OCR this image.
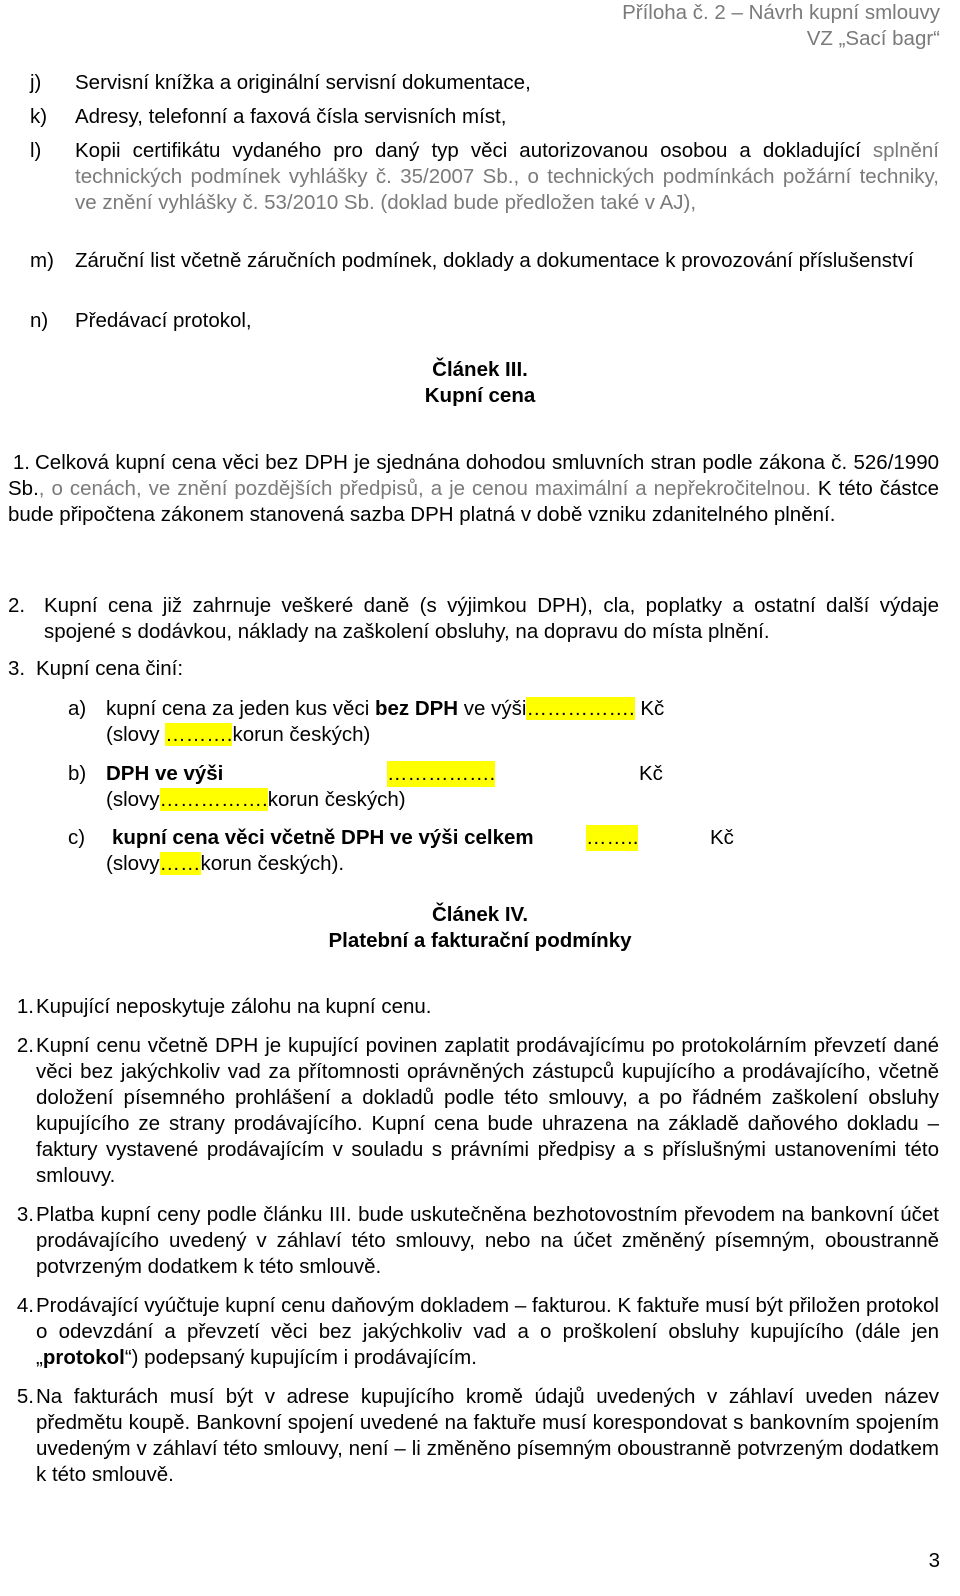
Příloha č. 2 – Návrh kupní smlouvy
VZ „Sací bagr“
j)	Servisní knížka a originální servisní dokumentace,
k)	Adresy, telefonní a faxová čísla servisních míst,
l)	Kopii certifikátu vydaného pro daný typ věci autorizovanou osobou a dokladující splnění technických podmínek vyhlášky č. 35/2007 Sb., o technických podmínkách požární techniky, ve znění vyhlášky č. 53/2010 Sb. (doklad bude předložen také v AJ),
m)	Záruční list včetně záručních podmínek, doklady a dokumentace k provozování příslušenství
n)	Předávací protokol,
Článek III.
Kupní cena
1. Celková kupní cena věci bez DPH je sjednána dohodou smluvních stran podle zákona č. 526/1990 Sb., o cenách, ve znění pozdějších předpisů, a je cenou maximální a nepřekročitelnou. K této částce bude připočtena zákonem stanovená sazba DPH platná v době vzniku zdanitelného plnění.
2. Kupní cena již zahrnuje veškeré daně (s výjimkou DPH), cla, poplatky a ostatní další výdaje spojené s dodávkou, náklady na zaškolení obsluhy, na dopravu do místa plnění.
3. Kupní cena činí:
a) kupní cena za jeden kus věci bez DPH ve výši……………. Kč
(slovy ……….korun českých)
b) DPH ve výši	…………….	Kč
(slovy…………….korun českých)
c) kupní cena věci včetně DPH ve výši celkem	……..	Kč
(slovy……korun českých).
Článek IV.
Platební a fakturační podmínky
1. Kupující neposkytuje zálohu na kupní cenu.
2. Kupní cenu včetně DPH je kupující povinen zaplatit prodávajícímu po protokolárním převzetí dané věci bez jakýchkoliv vad za přítomnosti oprávněných zástupců kupujícího a prodávajícího, včetně doložení písemného prohlášení a dokladů podle této smlouvy, a po řádném zaškolení obsluhy kupujícího ze strany prodávajícího. Kupní cena bude uhrazena na základě daňového dokladu – faktury vystavené prodávajícím v souladu s právními předpisy a s příslušnými ustanoveními této smlouvy.
3. Platba kupní ceny podle článku III. bude uskutečněna bezhotovostním převodem na bankovní účet prodávajícího uvedený v záhlaví této smlouvy, nebo na účet změněný písemným, oboustranně potvrzeným dodatkem k této smlouvě.
4. Prodávající vyúčtuje kupní cenu daňovým dokladem – fakturou. K faktuře musí být přiložen protokol o odevzdání a převzetí věci bez jakýchkoliv vad a o proškolení obsluhy kupujícího (dále jen „protokol“) podepsaný kupujícím i prodávajícím.
5. Na fakturách musí být v adrese kupujícího kromě údajů uvedených v záhlaví uveden název předmětu koupě. Bankovní spojení uvedené na faktuře musí korespondovat s bankovním spojením uvedeným v záhlaví této smlouvy, není – li změněno písemným oboustranně potvrzeným dodatkem k této smlouvě.
3
